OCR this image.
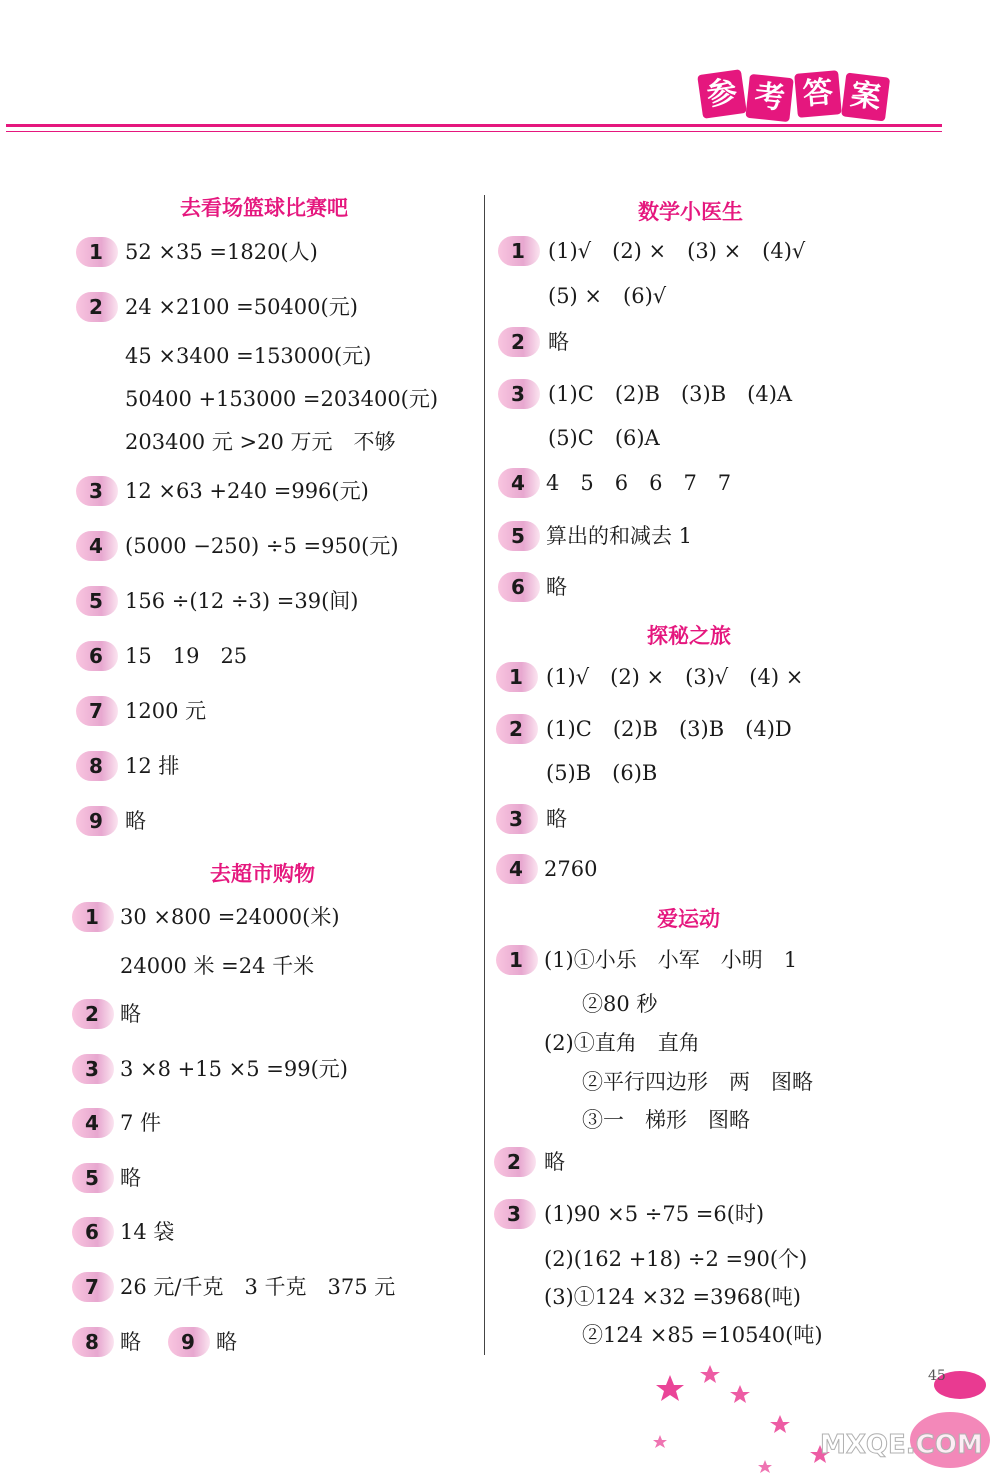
参 考 答 案
去看场篮球比赛吧
1	52 ×35 =1820(人)
2	24 ×2100 =50400(元)
45 ×3400 =153000(元)
50400 +153000 =203400(元)
203400 元 >20 万元　不够
3	12 ×63 +240 =996(元)
4	(5000 −250) ÷5 =950(元)
5	156 ÷(12 ÷3) =39(间)
6	15　19　25
7	1200 元
8	12 排
9	略
去超市购物
1	30 ×800 =24000(米)
24000 米 =24 千米
2	略
3	3 ×8 +15 ×5 =99(元)
4	7 件
5	略
6	14 袋
7	26 元/千克　3 千克　375 元
8	略	9	略
数学小医生
1	(1)√　(2) ×　(3) ×　(4)√
(5) ×　(6)√
2	略
3	(1)C　(2)B　(3)B　(4)A
(5)C　(6)A
4	4　5　6　6　7　7
5	算出的和减去 1
6	略
探秘之旅
1	(1)√　(2) ×　(3)√　(4) ×
2	(1)C　(2)B　(3)B　(4)D
(5)B　(6)B
3	略
4	2760
爱运动
1	(1)①小乐　小军　小明　1
②80 秒
(2)①直角　直角
②平行四边形　两　图略
③一　梯形　图略
2	略
3	(1)90 ×5 ÷75 =6(时)
(2)(162 +18) ÷2 =90(个)
(3)①124 ×32 =3968(吨)
②124 ×85 =10540(吨)
45
MXQE.COM
